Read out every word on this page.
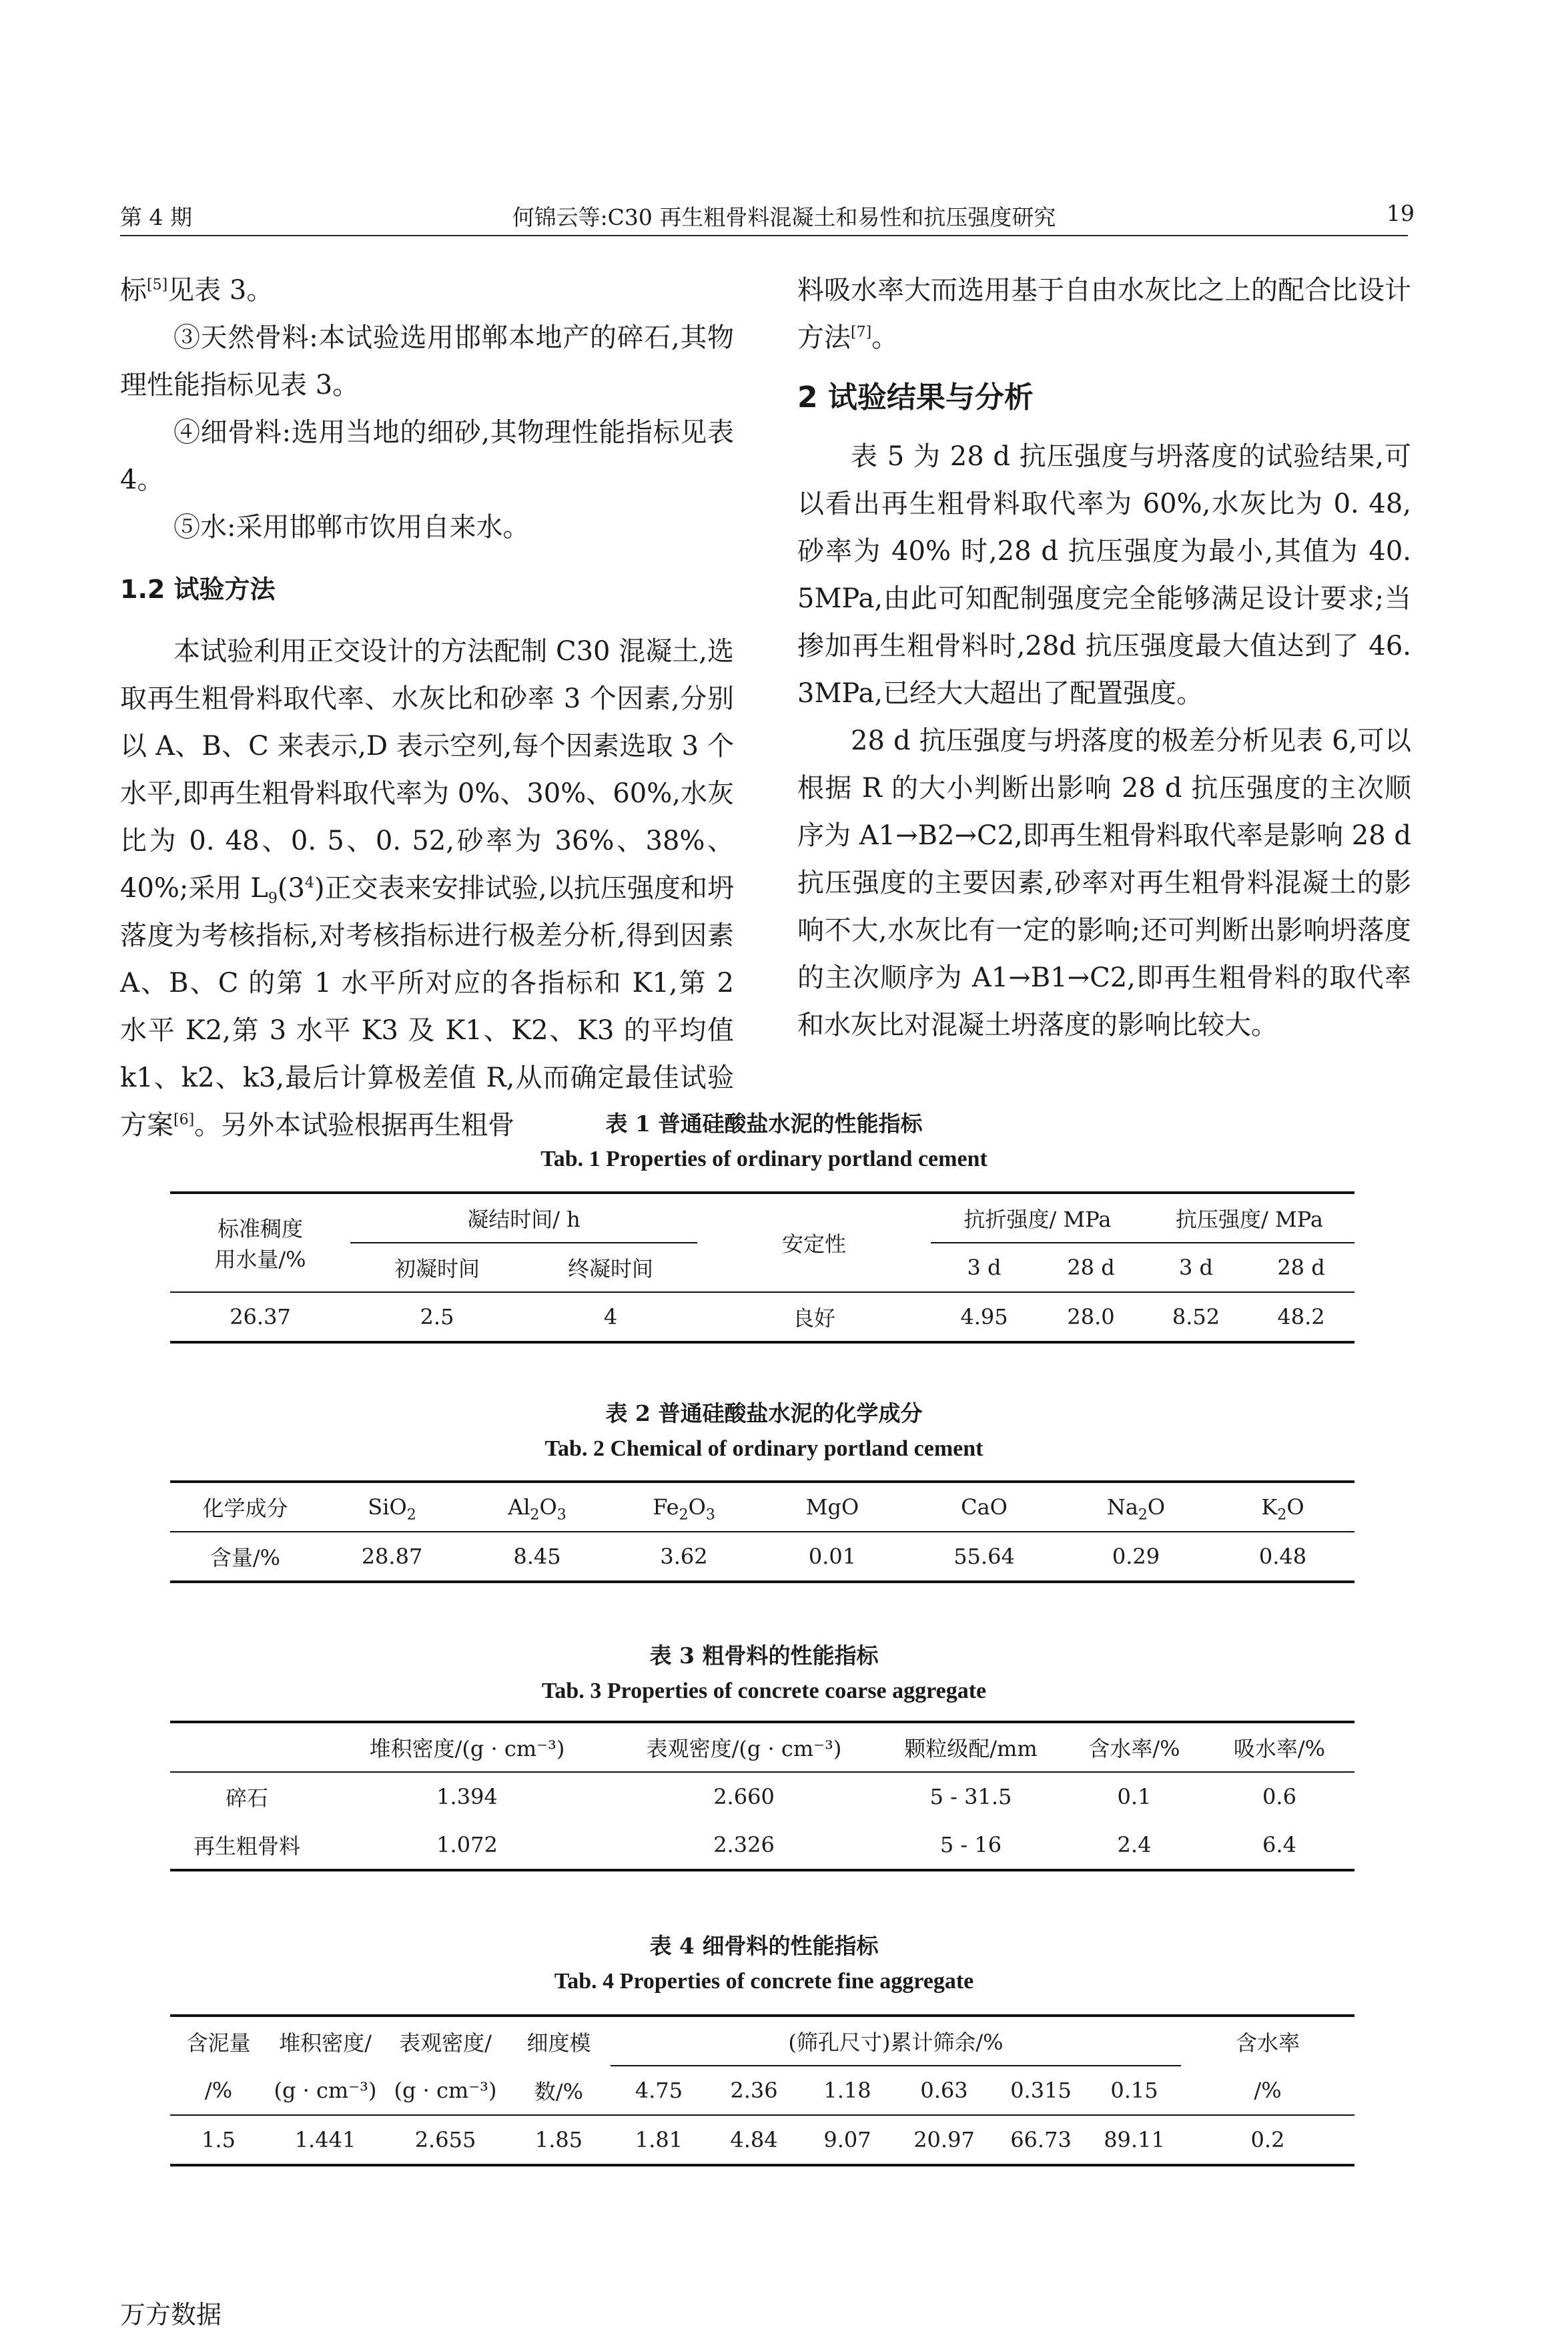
第 4 期	何锦云等:C30 再生粗骨料混凝土和易性和抗压强度研究	19

标[5]见表 3。

③天然骨料:本试验选用邯郸本地产的碎石,其物理性能指标见表 3。

④细骨料:选用当地的细砂,其物理性能指标见表 4。

⑤水:采用邯郸市饮用自来水。

1.2 试验方法

本试验利用正交设计的方法配制 C30 混凝土,选取再生粗骨料取代率、水灰比和砂率 3 个因素,分别以 A、B、C 来表示,D 表示空列,每个因素选取 3 个水平,即再生粗骨料取代率为 0%、30%、60%,水灰比为 0. 48、0. 5、0. 52,砂率为 36%、38%、40%;采用 $L_9(3^4)$正交表来安排试验,以抗压强度和坍落度为考核指标,对考核指标进行极差分析,得到因素 A、B、C 的第 1 水平所对应的各指标和 K1,第 2 水平 K2,第 3 水平 K3 及 K1、K2、K3 的平均值 k1、k2、k3,最后计算极差值 R,从而确定最佳试验方案[6]。另外本试验根据再生粗骨

料吸水率大而选用基于自由水灰比之上的配合比设计方法[7]。

2 试验结果与分析

表 5 为 28 d 抗压强度与坍落度的试验结果,可以看出再生粗骨料取代率为 60%,水灰比为 0. 48,砂率为 40% 时,28 d 抗压强度为最小,其值为 40. 5MPa,由此可知配制强度完全能够满足设计要求;当掺加再生粗骨料时,28d 抗压强度最大值达到了 46. 3MPa,已经大大超出了配置强度。

28 d 抗压强度与坍落度的极差分析见表 6,可以根据 R 的大小判断出影响 28 d 抗压强度的主次顺序为 A1→B2→C2,即再生粗骨料取代率是影响 28 d 抗压强度的主要因素,砂率对再生粗骨料混凝土的影响不大,水灰比有一定的影响;还可判断出影响坍落度的主次顺序为 A1→B1→C2,即再生粗骨料的取代率和水灰比对混凝土坍落度的影响比较大。

表 1 普通硅酸盐水泥的性能指标
Tab. 1 Properties of ordinary portland cement
标准稠度
用水量/%	凝结时间/ h		安定性	抗折强度/ MPa		抗压强度/ MPa	
	初凝时间	终凝时间		3 d	28 d	3 d	28 d
26.37	2.5	4	良好	4.95	28.0	8.52	48.2
表 2 普通硅酸盐水泥的化学成分
Tab. 2 Chemical of ordinary portland cement
化学成分	SiO$_2$	$Al_2O_3$	$Fe_2O_3$	MgO	CaO	$Na_2O$	$K_2O$
含量/%	28.87	8.45	3.62	0.01	55.64	0.29	0.48
表 3 粗骨料的性能指标
Tab. 3 Properties of concrete coarse aggregate
	堆积密度/(g · cm⁻³)	表观密度/(g · cm⁻³)	颗粒级配/mm	含水率/%	吸水率/%
碎石	1.394	2.660	5 - 31.5	0.1	0.6
再生粗骨料	1.072	2.326	5 - 16	2.4	6.4
表 4 细骨料的性能指标
Tab. 4 Properties of concrete fine aggregate
含泥量	堆积密度/	表观密度/	细度模	(筛孔尺寸)累计筛余/%						含水率
/%	(g · cm⁻³)	(g · cm⁻³)	数/%	4.75	2.36	1.18	0.63	0.315	0.15	/%
1.5	1.441	2.655	1.85	1.81	4.84	9.07	20.97	66.73	89.11	0.2
万方数据
